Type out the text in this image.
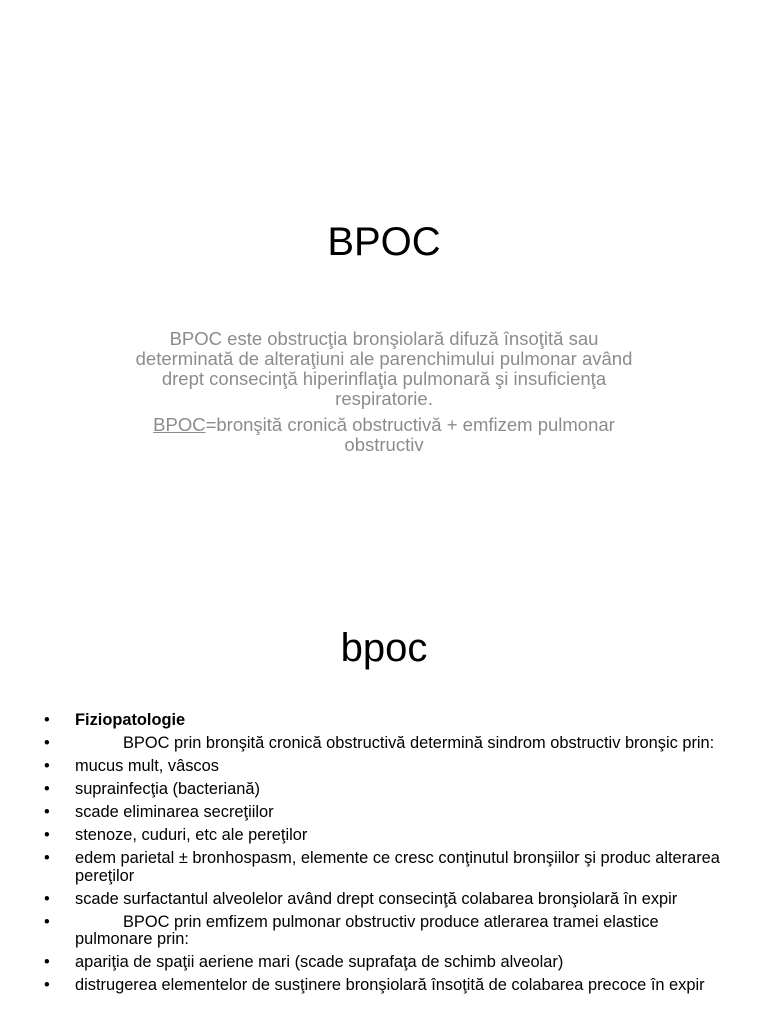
BPOC

BPOC este obstrucţia bronşiolară difuză însoţită sau determinată de alteraţiuni ale parenchimului pulmonar având drept consecinţă hiperinflaţia pulmonară şi insuficienţa respiratorie.

BPOC=bronşită cronică obstructivă + emfizem pulmonar obstructiv

bpoc
• Fiziopatologie
•	BPOC prin bronşită cronică obstructivă determină sindrom obstructiv bronşic prin:
• mucus mult, vâscos
• suprainfecţia (bacteriană)
• scade eliminarea secreţiilor
• stenoze, cuduri, etc ale pereţilor
• edem parietal ± bronhospasm, elemente ce cresc conţinutul bronşiilor şi produc alterarea pereţilor
• scade surfactantul alveolelor având drept consecinţă colabarea bronşiolară în expir
•	BPOC prin emfizem pulmonar obstructiv produce atlerarea tramei elastice pulmonare prin:
• apariţia de spaţii aeriene mari (scade suprafaţa de schimb alveolar)
• distrugerea elementelor de susţinere bronşiolară însoţită de colabarea precoce în expir
